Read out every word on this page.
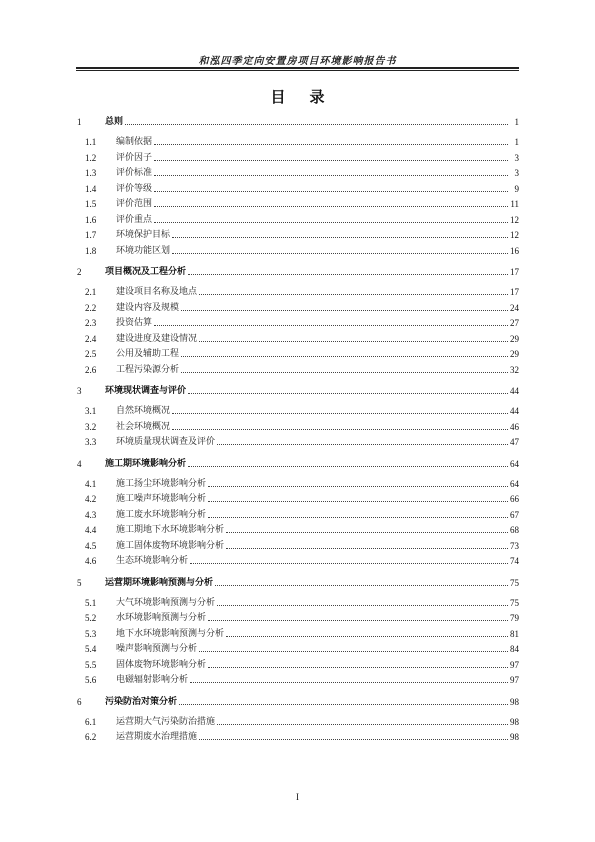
和泓四季定向安置房项目环境影响报告书
目录
1	总则	1
1.1 编制依据	1
1.2 评价因子	3
1.3 评价标准	3
1.4 评价等级	9
1.5 评价范围	11
1.6 评价重点	12
1.7 环境保护目标	12
1.8 环境功能区划	16
2	项目概况及工程分析	17
2.1 建设项目名称及地点	17
2.2 建设内容及规模	24
2.3 投资估算	27
2.4 建设进度及建设情况	29
2.5 公用及辅助工程	29
2.6 工程污染源分析	32
3	环境现状调查与评价	44
3.1 自然环境概况	44
3.2 社会环境概况	46
3.3 环境质量现状调查及评价	47
4	施工期环境影响分析	64
4.1 施工扬尘环境影响分析	64
4.2 施工噪声环境影响分析	66
4.3 施工废水环境影响分析	67
4.4 施工期地下水环境影响分析	68
4.5 施工固体废物环境影响分析	73
4.6 生态环境影响分析	74
5	运营期环境影响预测与分析	75
5.1 大气环境影响预测与分析	75
5.2 水环境影响预测与分析	79
5.3 地下水环境影响预测与分析	81
5.4 噪声影响预测与分析	84
5.5 固体废物环境影响分析	97
5.6 电磁辐射影响分析	97
6	污染防治对策分析	98
6.1 运营期大气污染防治措施	98
6.2 运营期废水治理措施	98
I
